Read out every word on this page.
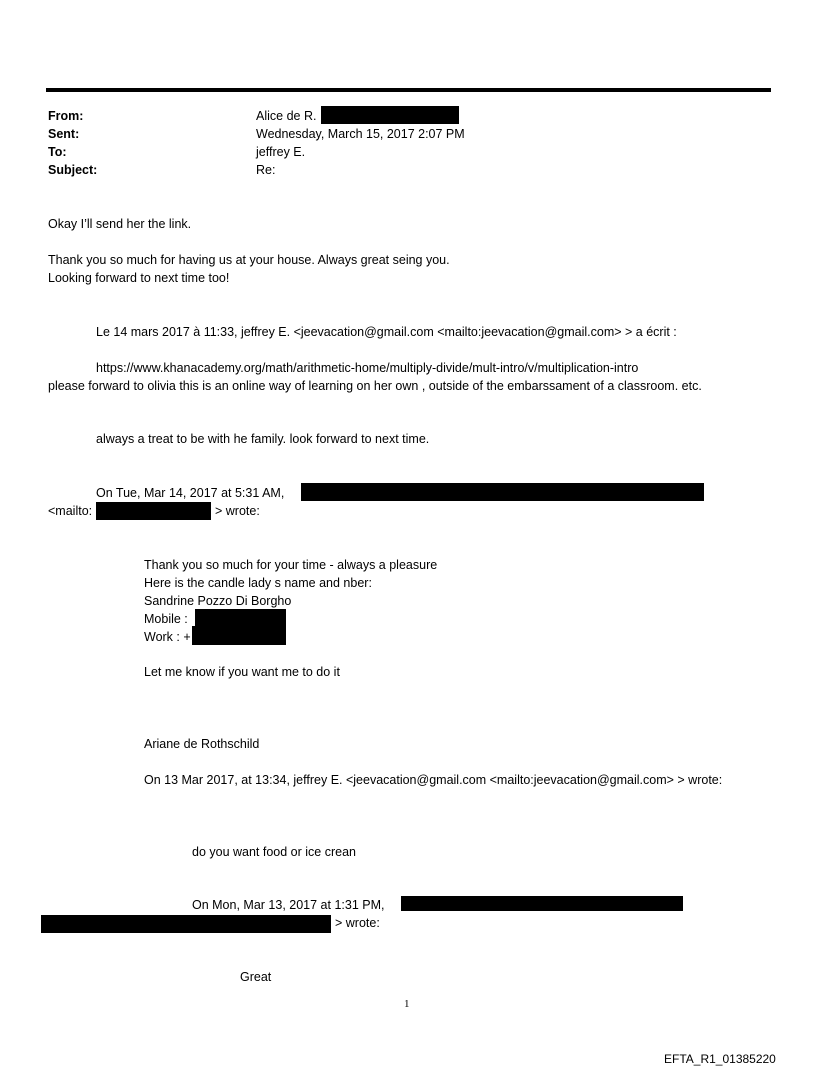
From:	Alice de R.
Sent:	Wednesday, March 15, 2017 2:07 PM
To:	jeffrey E.
Subject:	Re:
Okay I’ll send her the link.
Thank you so much for having us at your house. Always great seing you.
Looking forward to next time too!
Le 14 mars 2017 à 11:33, jeffrey E. <jeevacation@gmail.com <mailto:jeevacation@gmail.com> > a écrit :
https://www.khanacademy.org/math/arithmetic-home/multiply-divide/mult-intro/v/multiplication-intro
please forward to olivia this is an online way of learning on her own , outside of the embarssament of a classroom. etc.
always a treat to be with he family. look forward to next time.
On Tue, Mar 14, 2017 at 5:31 AM,
<mailto:	> wrote:
Thank you so much for your time - always a pleasure
Here is the candle lady s name and nber:
Sandrine Pozzo Di Borgho
Mobile :
Work : +
Let me know if you want me to do it
Ariane de Rothschild
On 13 Mar 2017, at 13:34, jeffrey E. <jeevacation@gmail.com <mailto:jeevacation@gmail.com> > wrote:
do you want food or ice crean
On Mon, Mar 13, 2017 at 1:31 PM,
> wrote:
Great
1
EFTA_R1_01385220
